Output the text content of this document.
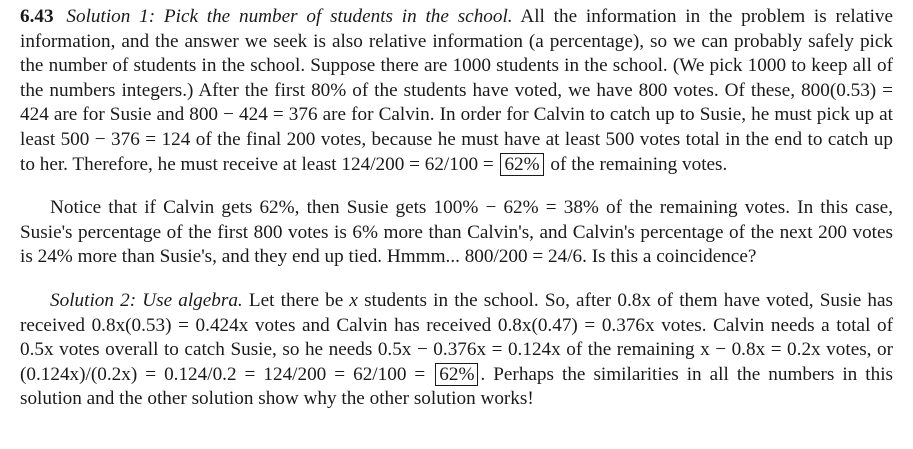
6.43 Solution 1: Pick the number of students in the school. All the information in the problem is relative information, and the answer we seek is also relative information (a percentage), so we can probably safely pick the number of students in the school. Suppose there are 1000 students in the school. (We pick 1000 to keep all of the numbers integers.) After the first 80% of the students have voted, we have 800 votes. Of these, 800(0.53) = 424 are for Susie and 800 − 424 = 376 are for Calvin. In order for Calvin to catch up to Susie, he must pick up at least 500 − 376 = 124 of the final 200 votes, because he must have at least 500 votes total in the end to catch up to her. Therefore, he must receive at least 124/200 = 62/100 = 62% of the remaining votes.

Notice that if Calvin gets 62%, then Susie gets 100% − 62% = 38% of the remaining votes. In this case, Susie's percentage of the first 800 votes is 6% more than Calvin's, and Calvin's percentage of the next 200 votes is 24% more than Susie's, and they end up tied. Hmmm... 800/200 = 24/6. Is this a coincidence?

Solution 2: Use algebra. Let there be x students in the school. So, after 0.8x of them have voted, Susie has received 0.8x(0.53) = 0.424x votes and Calvin has received 0.8x(0.47) = 0.376x votes. Calvin needs a total of 0.5x votes overall to catch Susie, so he needs 0.5x − 0.376x = 0.124x of the remaining x − 0.8x = 0.2x votes, or (0.124x)/(0.2x) = 0.124/0.2 = 124/200 = 62/100 = 62% . Perhaps the similarities in all the numbers in this solution and the other solution show why the other solution works!
